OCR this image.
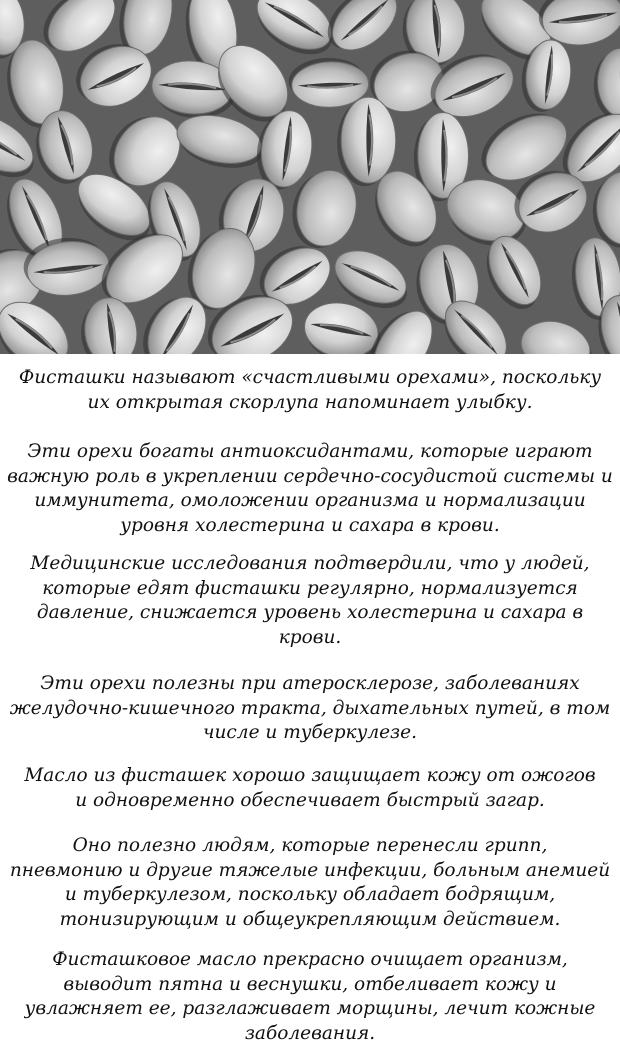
Фисташки называют «счастливыми орехами», поскольку
их открытая скорлупа напоминает улыбку.

Эти орехи богаты антиоксидантами, которые играют
важную роль в укреплении сердечно-сосудистой системы и
иммунитета, омоложении организма и нормализации
уровня холестерина и сахара в крови.

Медицинские исследования подтвердили, что у людей,
которые едят фисташки регулярно, нормализуется
давление, снижается уровень холестерина и сахара в
крови.

Эти орехи полезны при атеросклерозе, заболеваниях
желудочно-кишечного тракта, дыхательных путей, в том
числе и туберкулезе.

Масло из фисташек хорошо защищает кожу от ожогов
и одновременно обеспечивает быстрый загар.

Оно полезно людям, которые перенесли грипп,
пневмонию и другие тяжелые инфекции, больным анемией
и туберкулезом, поскольку обладает бодрящим,
тонизирующим и общеукрепляющим действием.

Фисташковое масло прекрасно очищает организм,
выводит пятна и веснушки, отбеливает кожу и
увлажняет ее, разглаживает морщины, лечит кожные
заболевания.
